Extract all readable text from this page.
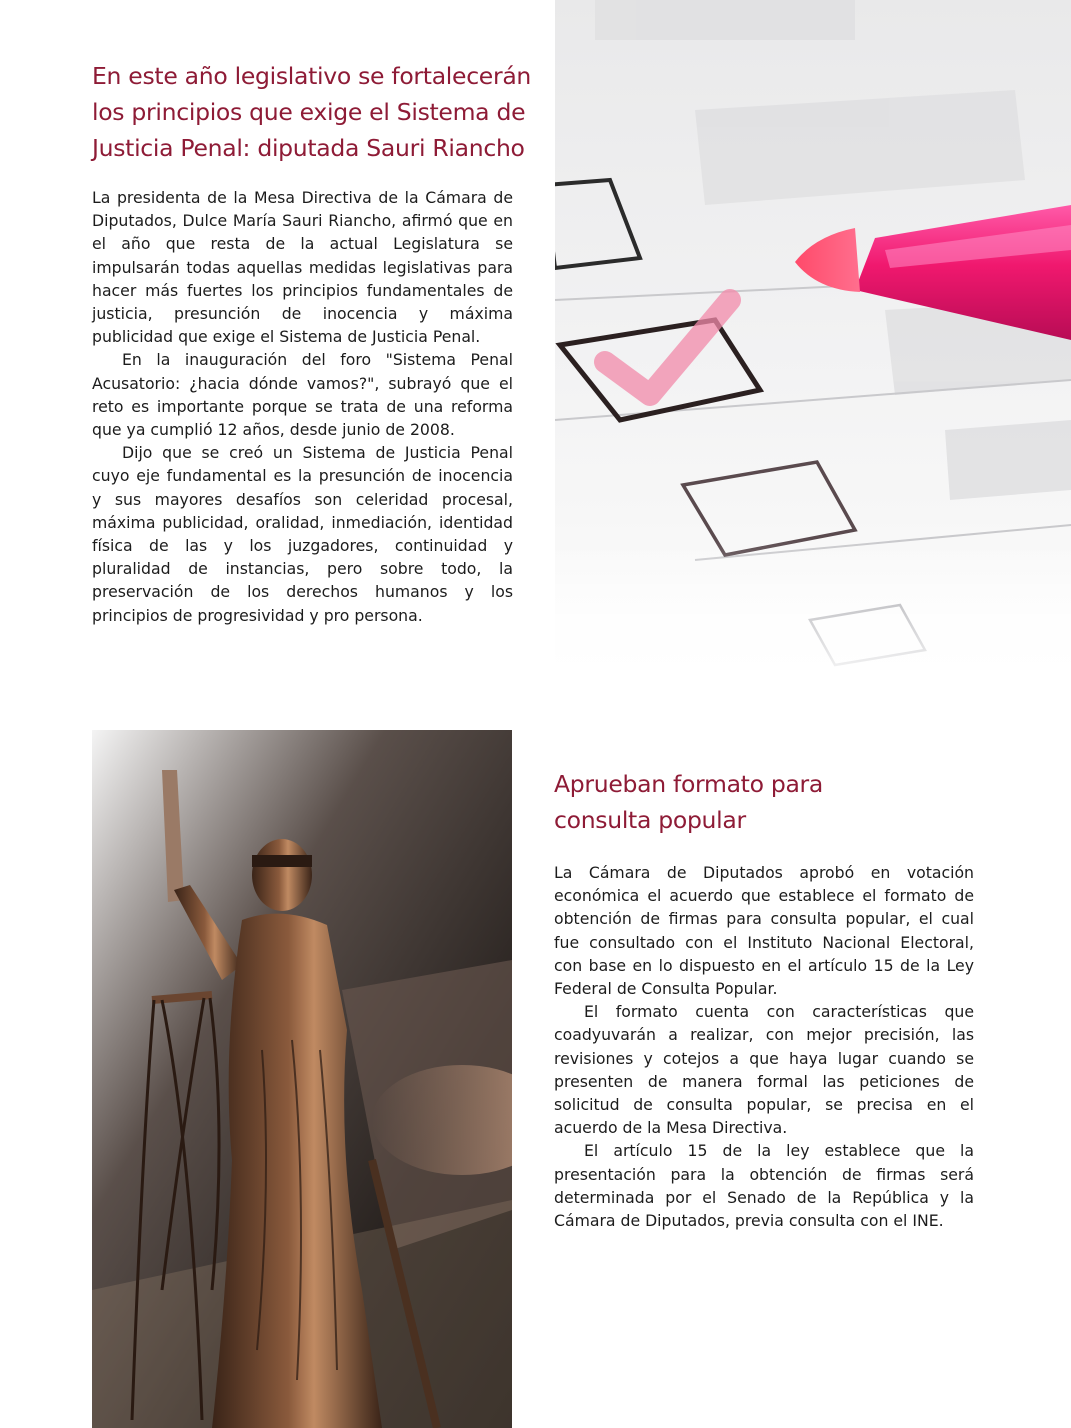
En este año legislativo se fortalecerán
los principios que exige el Sistema de
Justicia Penal: diputada Sauri Riancho

La presidenta de la Mesa Directiva de la Cámara de Diputados, Dulce María Sauri Riancho, afirmó que en el año que resta de la actual Legislatura se impulsarán todas aquellas medidas legislativas para hacer más fuertes los principios fundamentales de justicia, presunción de inocencia y máxima publicidad que exige el Sistema de Justicia Penal.

En la inauguración del foro "Sistema Penal Acusatorio: ¿hacia dónde vamos?", subrayó que el reto es importante porque se trata de una reforma que ya cumplió 12 años, desde junio de 2008.

Dijo que se creó un Sistema de Justicia Penal cuyo eje fundamental es la presunción de inocencia y sus mayores desafíos son celeridad procesal, máxima publicidad, oralidad, inmediación, identidad física de las y los juzgadores, continuidad y pluralidad de instancias, pero sobre todo, la preservación de los derechos humanos y los principios de progresividad y pro persona.

Aprueban formato para
consulta popular

La Cámara de Diputados aprobó en votación económica el acuerdo que establece el formato de obtención de firmas para consulta popular, el cual fue consultado con el Instituto Nacional Electoral, con base en lo dispuesto en el artículo 15 de la Ley Federal de Consulta Popular.

El formato cuenta con características que coadyuvarán a realizar, con mejor precisión, las revisiones y cotejos a que haya lugar cuando se presenten de manera formal las peticiones de solicitud de consulta popular, se precisa en el acuerdo de la Mesa Directiva.

El artículo 15 de la ley establece que la presentación para la obtención de firmas será determinada por el Senado de la República y la Cámara de Diputados, previa consulta con el INE.
